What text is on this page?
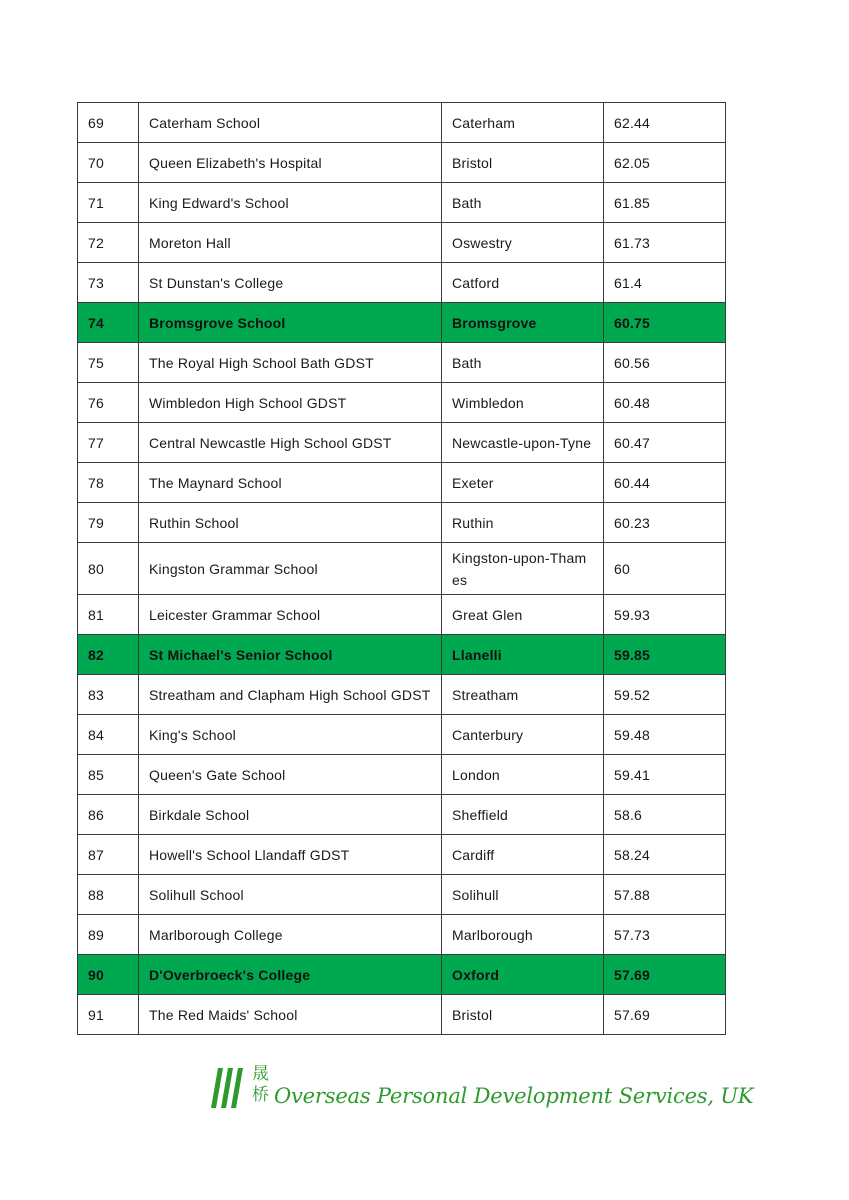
69	Caterham School	Caterham	62.44
70	Queen Elizabeth's Hospital	Bristol	62.05
71	King Edward's School	Bath	61.85
72	Moreton Hall	Oswestry	61.73
73	St Dunstan's College	Catford	61.4
74	Bromsgrove School	Bromsgrove	60.75
75	The Royal High School Bath GDST	Bath	60.56
76	Wimbledon High School GDST	Wimbledon	60.48
77	Central Newcastle High School GDST	Newcastle-upon-Tyne	60.47
78	The Maynard School	Exeter	60.44
79	Ruthin School	Ruthin	60.23
80	Kingston Grammar School	Kingston-upon-Thames	60
81	Leicester Grammar School	Great Glen	59.93
82	St Michael's Senior School	Llanelli	59.85
83	Streatham and Clapham High School GDST	Streatham	59.52
84	King's School	Canterbury	59.48
85	Queen's Gate School	London	59.41
86	Birkdale School	Sheffield	58.6
87	Howell's School Llandaff GDST	Cardiff	58.24
88	Solihull School	Solihull	57.88
89	Marlborough College	Marlborough	57.73
90	D'Overbroeck's College	Oxford	57.69
91	The Red Maids' School	Bristol	57.69
晟
桥 Overseas Personal Development Services, UK
